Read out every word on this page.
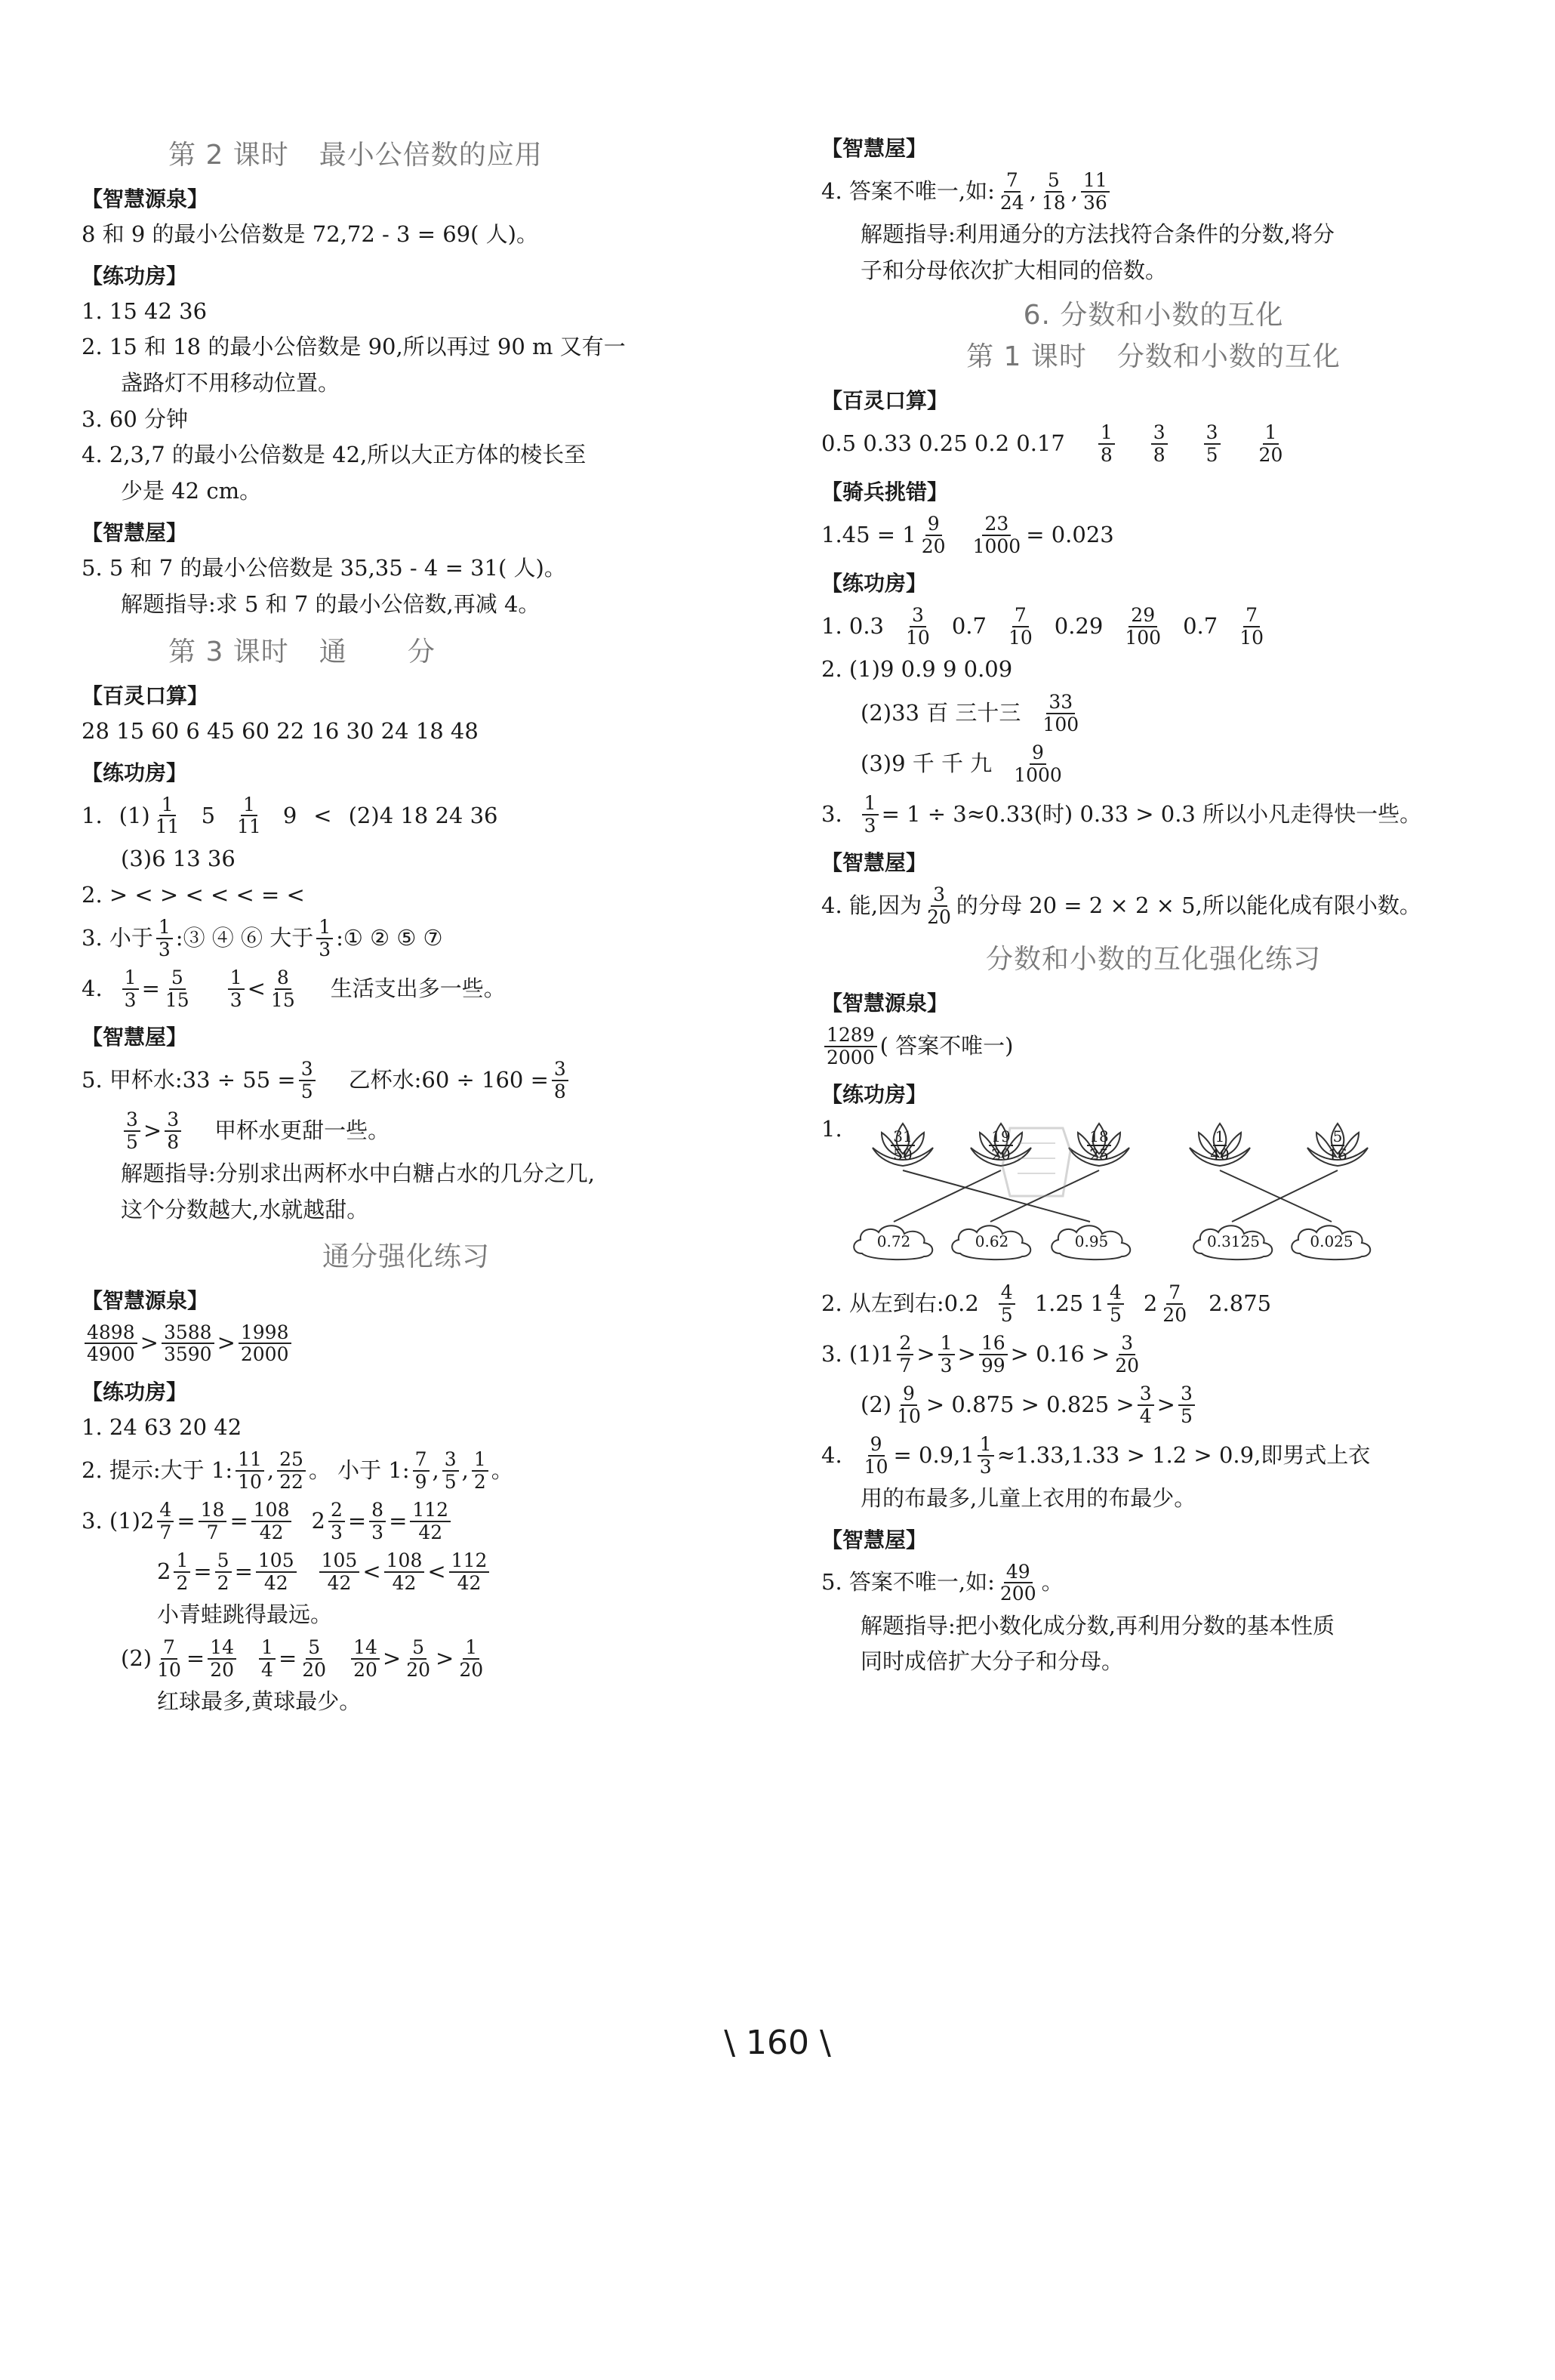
第 2 课时 最小公倍数的应用
【智慧源泉】
8 和 9 的最小公倍数是 72,72 - 3 = 69( 人)。
【练功房】
1. 15 42 36
2. 15 和 18 的最小公倍数是 90,所以再过 90 m 又有一
盏路灯不用移动位置。
3. 60 分钟
4. 2,3,7 的最小公倍数是 42,所以大正方体的棱长至
少是 42 cm。
【智慧屋】
5. 5 和 7 的最小公倍数是 35,35 - 4 = 31( 人)。
解题指导:求 5 和 7 的最小公倍数,再减 4。
第 3 课时 通 分
【百灵口算】
28 15 60 6 45 60 22 16 30 24 18 48
【练功房】
1. $(1) \frac{1}{11} 5 \frac{1}{11} 9 < (2)4$ 18 24 36
(3)6 13 36
2. > < > < < < = <
3. 小于 $\frac{1}{3}$ :③ ④ ⑥ 大于 $\frac{1}{3}$ :① ② ⑤ ⑦
4. $\frac{1}{3} = \frac{5}{15} \frac{1}{3} < \frac{8}{15}$ 生活支出多一些。
【智慧屋】
5. 甲杯水:33 ÷ $55 = \frac{3}{5}$ 乙杯水:60 ÷ $160 = \frac{3}{8}$
$\frac{3}{5} > \frac{3}{8}$ 甲杯水更甜一些。
解题指导:分别求出两杯水中白糖占水的几分之几,
这个分数越大,水就越甜。
通分强化练习
【智慧源泉】
$\frac{4898}{4900} > \frac{3588}{3590} > \frac{1998}{2000}$
【练功房】
1. 24 63 20 42
2. 提示:大于 1: $\frac{11}{10}$ , $\frac{25}{22}$ 。 小于 1: $\frac{7}{9}$ , $\frac{3}{5}$ , $\frac{1}{2}$ 。
3. (1) $2 \frac{4}{7} = \frac{18}{7} = \frac{108}{42} 2 \frac{2}{3} = \frac{8}{3} = \frac{112}{42}$
$2 \frac{1}{2} = \frac{5}{2} = \frac{105}{42} \frac{105}{42} < \frac{108}{42} < \frac{112}{42}$
小青蛙跳得最远。
$(2) \frac{7}{10} = \frac{14}{20} \frac{1}{4} = \frac{5}{20} \frac{14}{20} > \frac{5}{20} > \frac{1}{20}$
红球最多,黄球最少。
【智慧屋】
4. 答案不唯一,如: $\frac{7}{24}$ , $\frac{5}{18}$ , $\frac{11}{36}$
解题指导:利用通分的方法找符合条件的分数,将分
子和分母依次扩大相同的倍数。
6. 分数和小数的互化
第 1 课时 分数和小数的互化
【百灵口算】
0.5 0.33 0.25 0.2 $0.17 \frac{1}{8} \frac{3}{8} \frac{3}{5} \frac{1}{20}$
【骑兵挑错】
$1.45 = 1 \frac{9}{20} \frac{23}{1000} = 0.023$
【练功房】
1. $0.3 \frac{3}{10} 0.7 \frac{7}{10} 0.29 \frac{29}{100} 0.7 \frac{7}{10}$
2. (1)9 0.9 9 0.09
(2)33 百 三十三 $\frac{33}{100}$
(3)9 千 千 九 $\frac{9}{1000}$
3. $\frac{1}{3} = 1 \div 3\approx 0.33$(时) 0.33 > 0.3 所以小凡走得快一些。
【智慧屋】
4. 能,因为 $\frac{3}{20}$ 的分母 20 = 2 × 2 × 5,所以能化成有限小数。
分数和小数的互化强化练习
【智慧源泉】
$\frac{1289}{2000}$ ( 答案不唯一)
【练功房】
1.	$\frac{31}{50}$	$\frac{19}{20}$	$\frac{18}{25}$	$\frac{1}{40}$	$\frac{5}{16}$
0.72	0.62	0.95	0.3125	0.025
2. 从左到右:0.2 $\frac{4}{5} 1.25$ $1 \frac{4}{5} 2 \frac{7}{20} 2.875$
3. $(1)1 \frac{2}{7} > \frac{1}{3} > \frac{16}{99} > 0.16 > \frac{3}{20}$
$(2) \frac{9}{10} > 0.875 > 0.825 > \frac{3}{4} > \frac{3}{5}$
4. $\frac{9}{10} = 0.9,1 \frac{1}{3} \approx 1.33,1.33 > 1.2 > 0.9$,即男式上衣
用的布最多,儿童上衣用的布最少。
【智慧屋】
5. 答案不唯一,如: $\frac{49}{200}$ 。
解题指导:把小数化成分数,再利用分数的基本性质
同时成倍扩大分子和分母。
\ 160 \
